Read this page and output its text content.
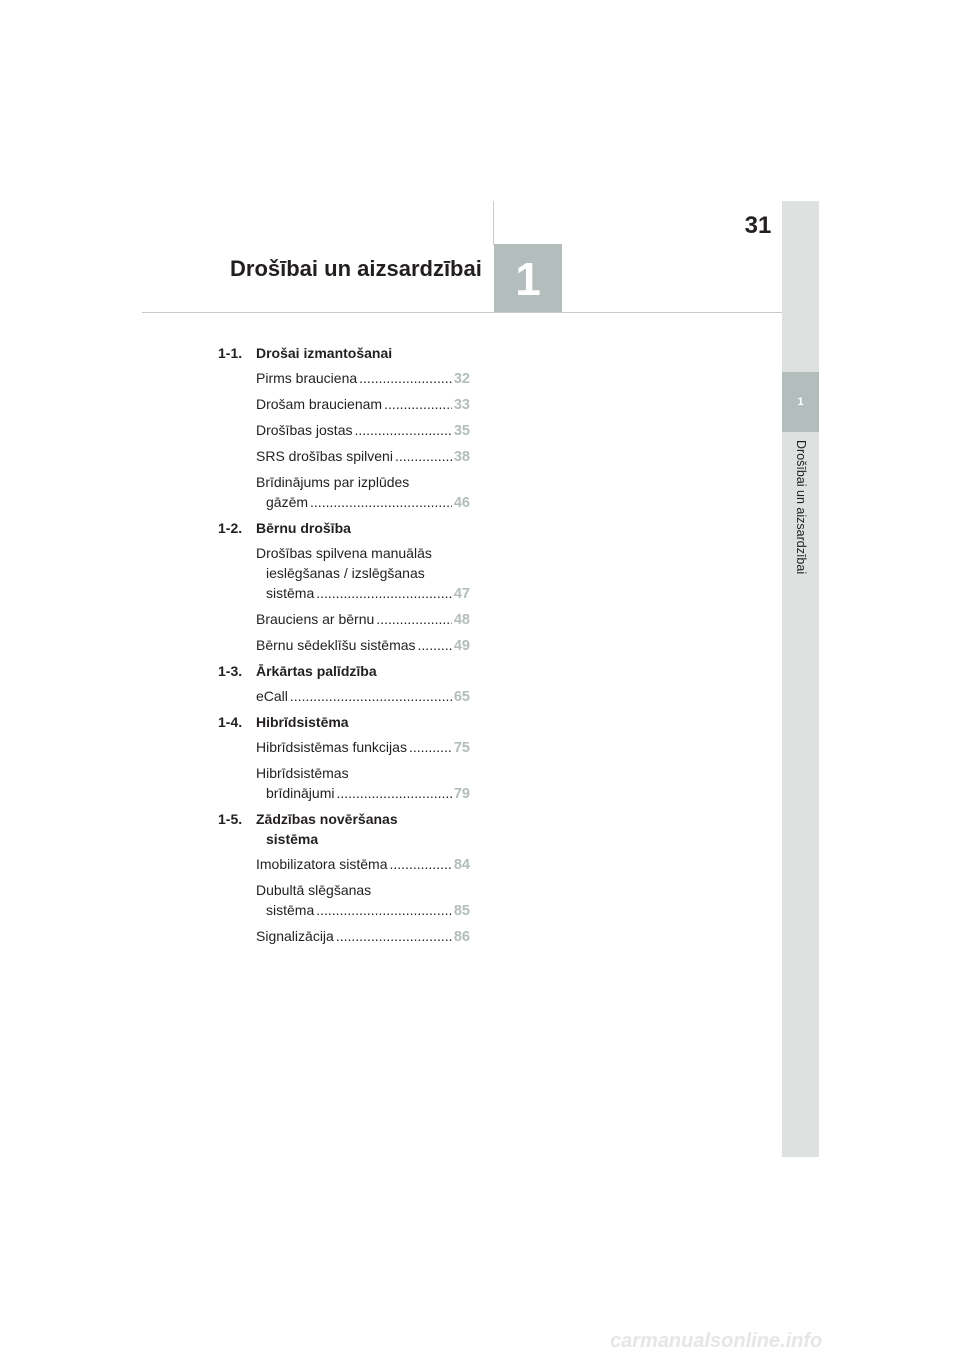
31
Drošībai un aizsardzībai 1
1
Drošībai un aizsardzībai
1-1. Drošai izmantošanai
Pirms brauciena .....	32
Drošam braucienam .....	33
Drošības jostas .....	35
SRS drošības spilveni .....	38
Brīdinājums par izplūdes
gāzēm .....	46
1-2. Bērnu drošība
Drošības spilvena manuālās
ieslēgšanas / izslēgšanas
sistēma .....	47
Brauciens ar bērnu .....	48
Bērnu sēdeklīšu sistēmas .....	49
1-3. Ārkārtas palīdzība
eCall .....	65
1-4. Hibrīdsistēma
Hibrīdsistēmas funkcijas .....	75
Hibrīdsistēmas
brīdinājumi .....	79
1-5. Zādzības novēršanas
sistēma
Imobilizatora sistēma .....	84
Dubultā slēgšanas
sistēma .....	85
Signalizācija .....	86
carmanualsonline.info
